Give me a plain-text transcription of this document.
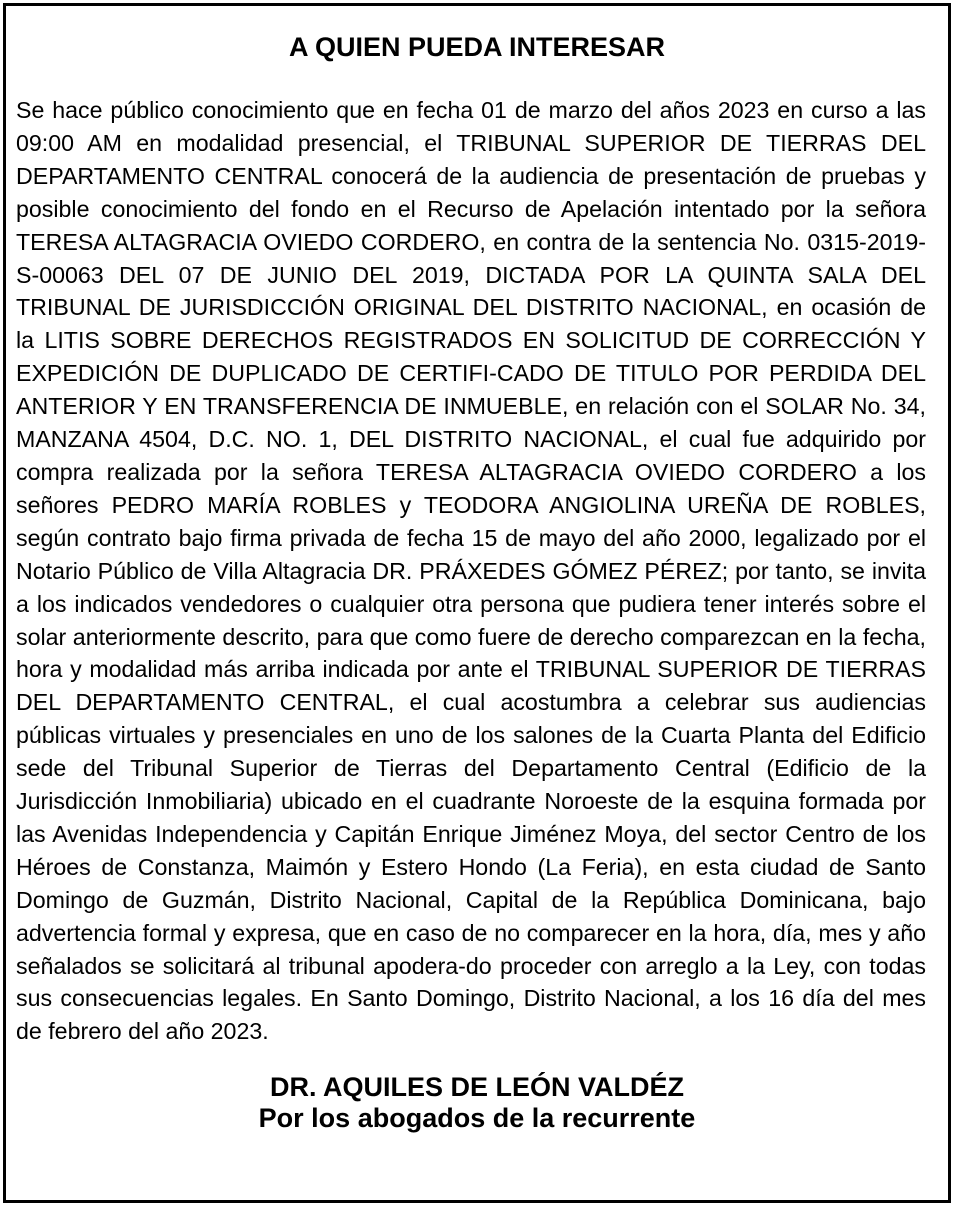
A QUIEN PUEDA INTERESAR

Se hace público conocimiento que en fecha 01 de marzo del años 2023 en curso a las 09:00 AM en modalidad presencial, el TRIBUNAL SUPERIOR DE TIERRAS DEL DEPARTAMENTO CENTRAL conocerá de la audiencia de presentación de pruebas y posible conocimiento del fondo en el Recurso de Apelación intentado por la señora TERESA ALTAGRACIA OVIEDO CORDERO, en contra de la sentencia No. 0315-2019-S-00063 DEL 07 DE JUNIO DEL 2019, DICTADA POR LA QUINTA SALA DEL TRIBUNAL DE JURISDICCIÓN ORIGINAL DEL DISTRITO NACIONAL, en ocasión de la LITIS SOBRE DERECHOS REGISTRADOS EN SOLICITUD DE CORRECCIÓN Y EXPEDICIÓN DE DUPLICADO DE CERTIFI-CADO DE TITULO POR PERDIDA DEL ANTERIOR Y EN TRANSFERENCIA DE INMUEBLE, en relación con el SOLAR No. 34, MANZANA 4504, D.C. NO. 1, DEL DISTRITO NACIONAL, el cual fue adquirido por compra realizada por la señora TERESA ALTAGRACIA OVIEDO CORDERO a los señores PEDRO MARÍA ROBLES y TEODORA ANGIOLINA UREÑA DE ROBLES, según contrato bajo firma privada de fecha 15 de mayo del año 2000, legalizado por el Notario Público de Villa Altagracia DR. PRÁXEDES GÓMEZ PÉREZ; por tanto, se invita a los indicados vendedores o cualquier otra persona que pudiera tener interés sobre el solar anteriormente descrito, para que como fuere de derecho comparezcan en la fecha, hora y modalidad más arriba indicada por ante el TRIBUNAL SUPERIOR DE TIERRAS DEL DEPARTAMENTO CENTRAL, el cual acostumbra a celebrar sus audiencias públicas virtuales y presenciales en uno de los salones de la Cuarta Planta del Edificio sede del Tribunal Superior de Tierras del Departamento Central (Edificio de la Jurisdicción Inmobiliaria) ubicado en el cuadrante Noroeste de la esquina formada por las Avenidas Independencia y Capitán Enrique Jiménez Moya, del sector Centro de los Héroes de Constanza, Maimón y Estero Hondo (La Feria), en esta ciudad de Santo Domingo de Guzmán, Distrito Nacional, Capital de la República Dominicana, bajo advertencia formal y expresa, que en caso de no comparecer en la hora, día, mes y año señalados se solicitará al tribunal apodera-do proceder con arreglo a la Ley, con todas sus consecuencias legales. En Santo Domingo, Distrito Nacional, a los 16 día del mes de febrero del año 2023.

DR. AQUILES DE LEÓN VALDÉZ
Por los abogados de la recurrente
